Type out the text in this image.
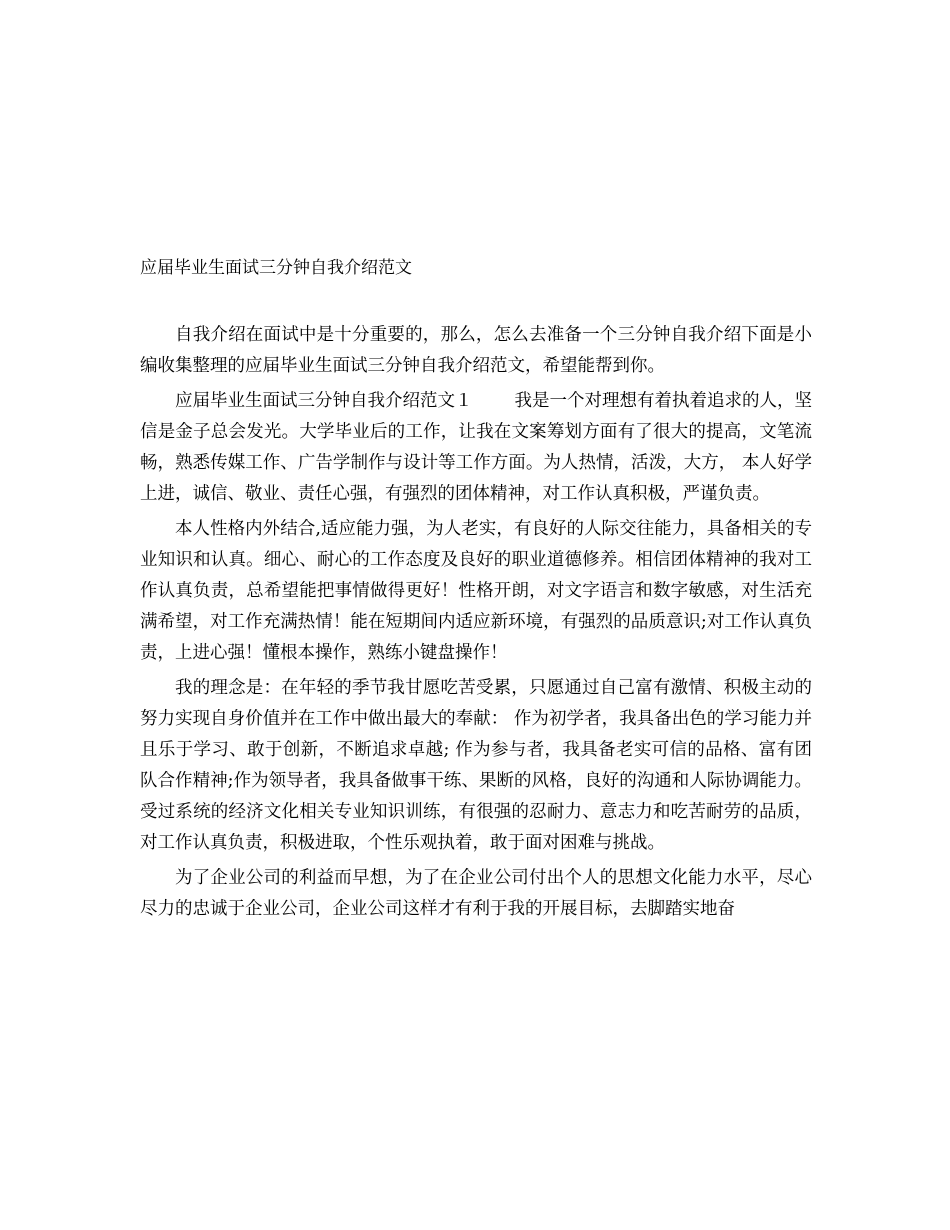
应届毕业生面试三分钟自我介绍范文

自我介绍在面试中是十分重要的，那么，怎么去准备一个三分钟自我介绍下面是小编收集整理的应届毕业生面试三分钟自我介绍范文，希望能帮到你。

应届毕业生面试三分钟自我介绍范文１ 我是一个对理想有着执着追求的人，坚信是金子总会发光。大学毕业后的工作，让我在文案筹划方面有了很大的提高，文笔流畅，熟悉传媒工作、广告学制作与设计等工作方面。为人热情，活泼，大方， 本人好学上进，诚信、敬业、责任心强，有强烈的团体精神，对工作认真积极，严谨负责。

本人性格内外结合,适应能力强，为人老实，有良好的人际交往能力，具备相关的专业知识和认真。细心、耐心的工作态度及良好的职业道德修养。相信团体精神的我对工作认真负责，总希望能把事情做得更好！性格开朗，对文字语言和数字敏感，对生活充满希望，对工作充满热情！能在短期间内适应新环境，有强烈的品质意识;对工作认真负责，上进心强！懂根本操作，熟练小键盘操作！

我的理念是：在年轻的季节我甘愿吃苦受累，只愿通过自己富有激情、积极主动的努力实现自身价值并在工作中做出最大的奉献： 作为初学者，我具备出色的学习能力并且乐于学习、敢于创新，不断追求卓越; 作为参与者，我具备老实可信的品格、富有团队合作精神;作为领导者，我具备做事干练、果断的风格，良好的沟通和人际协调能力。受过系统的经济文化相关专业知识训练，有很强的忍耐力、意志力和吃苦耐劳的品质，对工作认真负责，积极进取，个性乐观执着，敢于面对困难与挑战。

为了企业公司的利益而早想，为了在企业公司付出个人的思想文化能力水平，尽心尽力的忠诚于企业公司，企业公司这样才有利于我的开展目标，去脚踏实地奋
